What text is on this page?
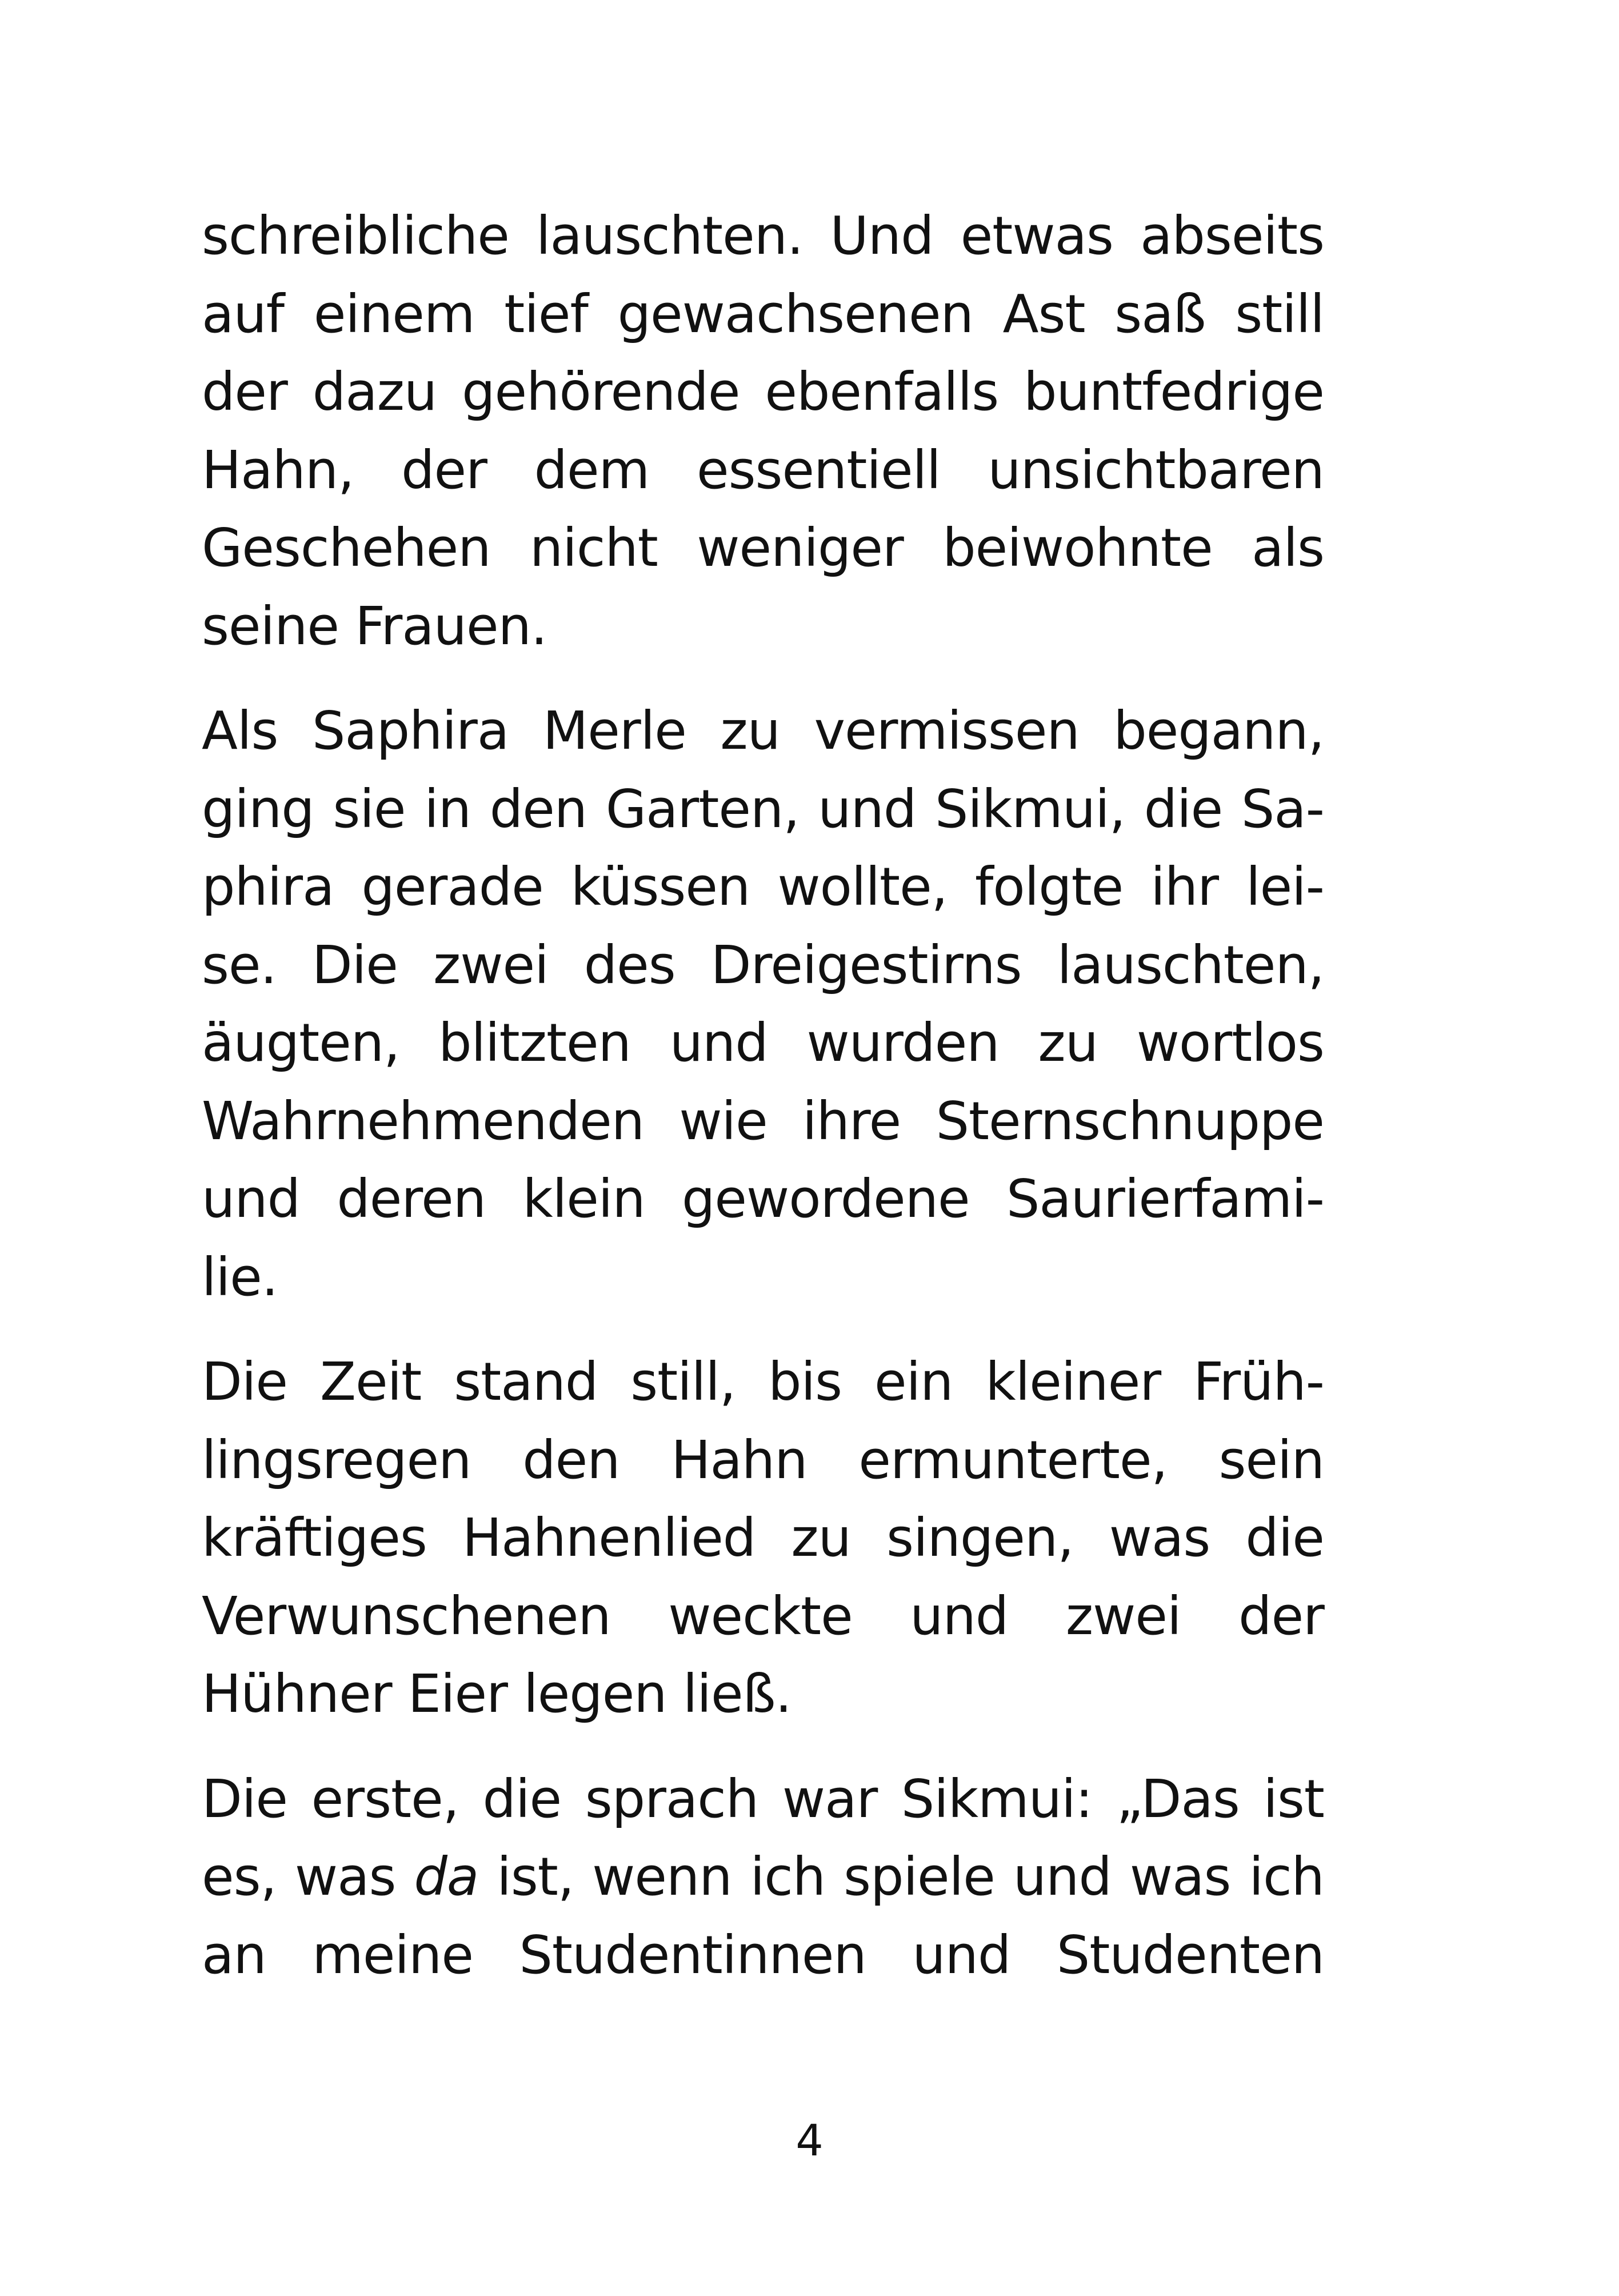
schreibliche lauschten. Und etwas abseits
auf einem tief gewachsenen Ast saß still
der dazu gehörende ebenfalls buntfedrige
Hahn, der dem essentiell unsichtbaren
Geschehen nicht weniger beiwohnte als
seine Frauen.

Als Saphira Merle zu vermissen begann,
ging sie in den Garten, und Sikmui, die Sa-
phira gerade küssen wollte, folgte ihr lei-
se. Die zwei des Dreigestirns lauschten,
äugten, blitzten und wurden zu wortlos
Wahrnehmenden wie ihre Sternschnuppe
und deren klein gewordene Saurierfami-
lie.

Die Zeit stand still, bis ein kleiner Früh-
lingsregen den Hahn ermunterte, sein
kräftiges Hahnenlied zu singen, was die
Verwunschenen weckte und zwei der
Hühner Eier legen ließ.

Die erste, die sprach war Sikmui: „Das ist
es, was da ist, wenn ich spiele und was ich
an meine Studentinnen und Studenten

4
